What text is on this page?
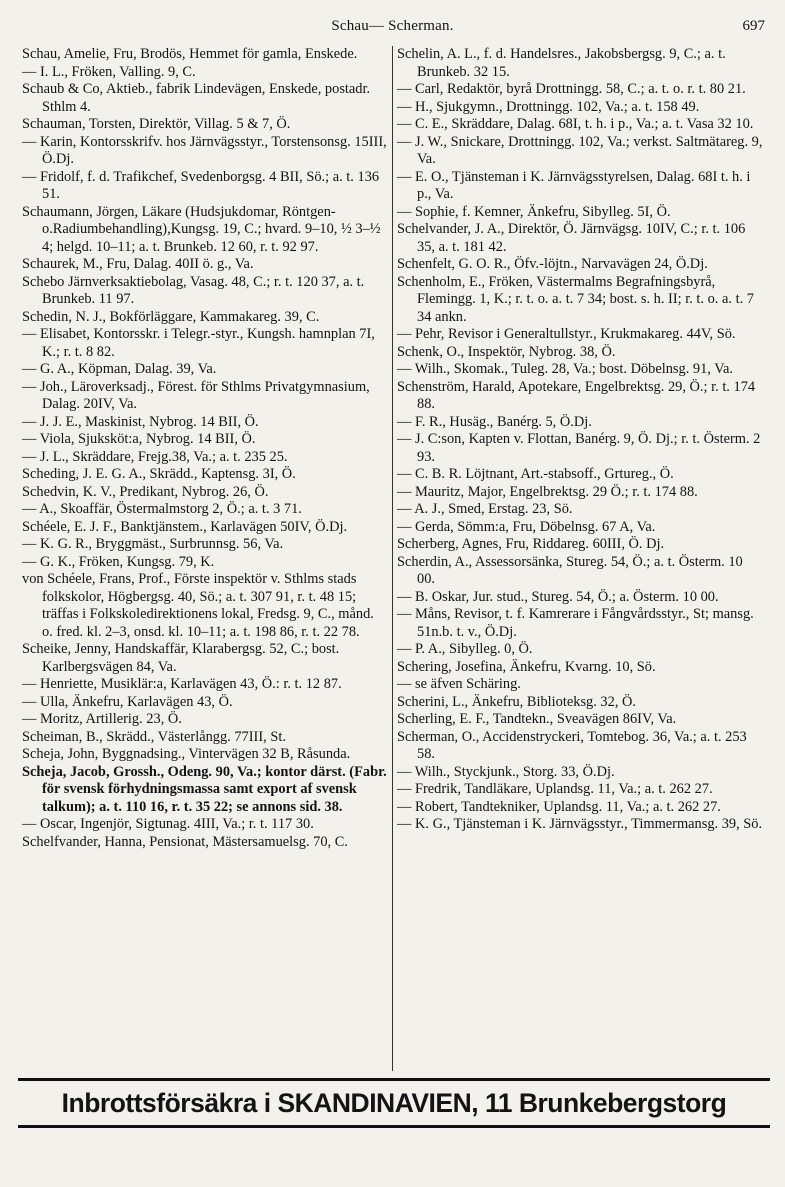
Schau— Scherman.	697
Schau, Amelie, Fru, Brodös, Hemmet för gamla, Enskede.
— I. L., Fröken, Valling. 9, C.
Schaub & Co, Aktieb., fabrik Lindevägen, Enskede, postadr. Sthlm 4.
Schauman, Torsten, Direktör, Villag. 5 & 7, Ö.
— Karin, Kontorsskrifv. hos Järnvägsstyr., Torstensonsg. 15III, Ö.Dj.
— Fridolf, f. d. Trafikchef, Svedenborgsg. 4 BII, Sö.; a. t. 136 51.
Schaumann, Jörgen, Läkare (Hudsjukdomar, Röntgen-o.Radiumbehandling),Kungsg. 19, C.; hvard. 9–10, ½ 3–½ 4; helgd. 10–11; a. t. Brunkeb. 12 60, r. t. 92 97.
Schaurek, M., Fru, Dalag. 40II ö. g., Va.
Schebo Järnverksaktiebolag, Vasag. 48, C.; r. t. 120 37, a. t. Brunkeb. 11 97.
Schedin, N. J., Bokförläggare, Kammakareg. 39, C.
— Elisabet, Kontorsskr. i Telegr.-styr., Kungsh. hamnplan 7I, K.; r. t. 8 82.
— G. A., Köpman, Dalag. 39, Va.
— Joh., Läroverksadj., Förest. för Sthlms Privatgymnasium, Dalag. 20IV, Va.
— J. J. E., Maskinist, Nybrog. 14 BII, Ö.
— Viola, Sjuksköt:a, Nybrog. 14 BII, Ö.
— J. L., Skräddare, Frejg.38, Va.; a. t. 235 25.
Scheding, J. E. G. A., Skrädd., Kaptensg. 3I, Ö.
Schedvin, K. V., Predikant, Nybrog. 26, Ö.
— A., Skoaffär, Östermalmstorg 2, Ö.; a. t. 3 71.
Schéele, E. J. F., Banktjänstem., Karlavägen 50IV, Ö.Dj.
— K. G. R., Bryggmäst., Surbrunnsg. 56, Va.
— G. K., Fröken, Kungsg. 79, K.
von Schéele, Frans, Prof., Förste inspektör v. Sthlms stads folkskolor, Högbergsg. 40, Sö.; a. t. 307 91, r. t. 48 15; träffas i Folkskoledirektionens lokal, Fredsg. 9, C., månd. o. fred. kl. 2–3, onsd. kl. 10–11; a. t. 198 86, r. t. 22 78.
Scheike, Jenny, Handskaffär, Klarabergsg. 52, C.; bost. Karlbergsvägen 84, Va.
— Henriette, Musiklär:a, Karlavägen 43, Ö.: r. t. 12 87.
— Ulla, Änkefru, Karlavägen 43, Ö.
— Moritz, Artillerig. 23, Ö.
Scheiman, B., Skrädd., Västerlångg. 77III, St.
Scheja, John, Byggnadsing., Vintervägen 32 B, Råsunda.
Scheja, Jacob, Grossh., Odeng. 90, Va.; kontor därst. (Fabr. för svensk förhydningsmassa samt export af svensk talkum); a. t. 110 16, r. t. 35 22; se annons sid. 38.
— Oscar, Ingenjör, Sigtunag. 4III, Va.; r. t. 117 30.
Schelfvander, Hanna, Pensionat, Mästersamuelsg. 70, C.
Schelin, A. L., f. d. Handelsres., Jakobsbergsg. 9, C.; a. t. Brunkeb. 32 15.
— Carl, Redaktör, byrå Drottningg. 58, C.; a. t. o. r. t. 80 21.
— H., Sjukgymn., Drottningg. 102, Va.; a. t. 158 49.
— C. E., Skräddare, Dalag. 68I, t. h. i p., Va.; a. t. Vasa 32 10.
— J. W., Snickare, Drottningg. 102, Va.; verkst. Saltmätareg. 9, Va.
— E. O., Tjänsteman i K. Järnvägsstyrelsen, Dalag. 68I t. h. i p., Va.
— Sophie, f. Kemner, Änkefru, Sibylleg. 5I, Ö.
Schelvander, J. A., Direktör, Ö. Järnvägsg. 10IV, C.; r. t. 106 35, a. t. 181 42.
Schenfelt, G. O. R., Öfv.-löjtn., Narvavägen 24, Ö.Dj.
Schenholm, E., Fröken, Västermalms Begrafningsbyrå, Flemingg. 1, K.; r. t. o. a. t. 7 34; bost. s. h. II; r. t. o. a. t. 7 34 ankn.
— Pehr, Revisor i Generaltullstyr., Krukmakareg. 44V, Sö.
Schenk, O., Inspektör, Nybrog. 38, Ö.
— Wilh., Skomak., Tuleg. 28, Va.; bost. Döbelnsg. 91, Va.
Schenström, Harald, Apotekare, Engelbrektsg. 29, Ö.; r. t. 174 88.
— F. R., Husäg., Banérg. 5, Ö.Dj.
— J. C:son, Kapten v. Flottan, Banérg. 9, Ö. Dj.; r. t. Österm. 2 93.
— C. B. R. Löjtnant, Art.-stabsoff., Grtureg., Ö.
— Mauritz, Major, Engelbrektsg. 29 Ö.; r. t. 174 88.
— A. J., Smed, Erstag. 23, Sö.
— Gerda, Sömm:a, Fru, Döbelnsg. 67 A, Va.
Scherberg, Agnes, Fru, Riddareg. 60III, Ö. Dj.
Scherdin, A., Assessorsänka, Stureg. 54, Ö.; a. t. Österm. 10 00.
— B. Oskar, Jur. stud., Stureg. 54, Ö.; a. Österm. 10 00.
— Måns, Revisor, t. f. Kamrerare i Fångvårdsstyr., St; mansg. 51n.b. t. v., Ö.Dj.
— P. A., Sibylleg. 0, Ö.
Schering, Josefina, Änkefru, Kvarng. 10, Sö.
— se äfven Schäring.
Scherini, L., Änkefru, Biblioteksg. 32, Ö.
Scherling, E. F., Tandtekn., Sveavägen 86IV, Va.
Scherman, O., Accidenstryckeri, Tomtebog. 36, Va.; a. t. 253 58.
— Wilh., Styckjunk., Storg. 33, Ö.Dj.
— Fredrik, Tandläkare, Uplandsg. 11, Va.; a. t. 262 27.
— Robert, Tandtekniker, Uplandsg. 11, Va.; a. t. 262 27.
— K. G., Tjänsteman i K. Järnvägsstyr., Timmermansg. 39, Sö.
Inbrottsförsäkra i SKANDINAVIEN, 11 Brunkebergstorg
